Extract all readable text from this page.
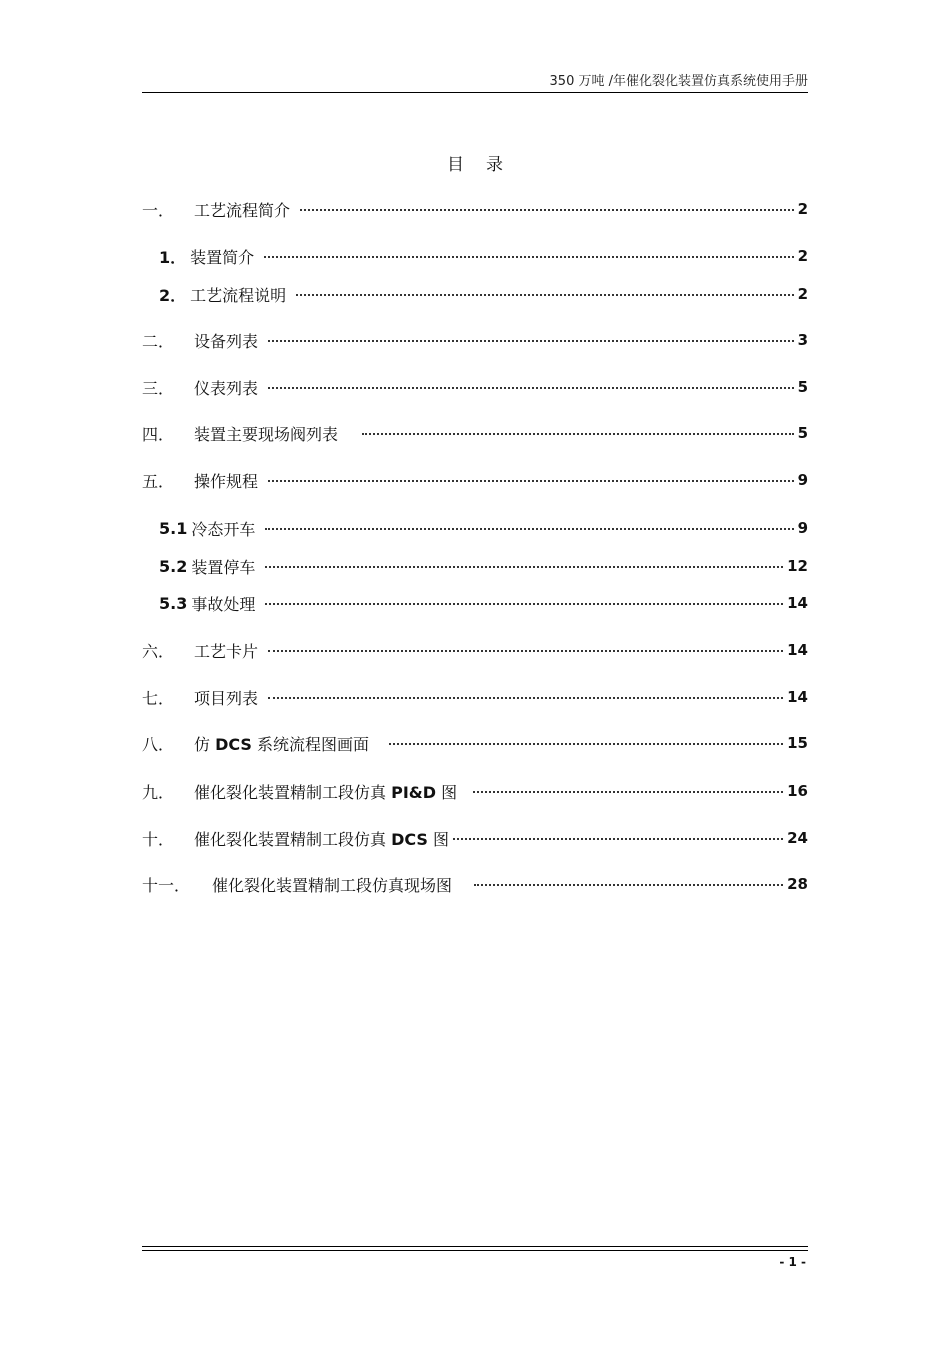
350 万吨 /年催化裂化装置仿真系统使用手册
目录
一．	工艺流程简介	2
1． 装置简介	2
2． 工艺流程说明	2
二．	设备列表	3
三．	仪表列表	5
四．	装置主要现场阀列表	5
五．	操作规程	9
5.1 冷态开车	9
5.2 装置停车	12
5.3 事故处理	14
六．	工艺卡片	14
七．	项目列表	14
八．	仿 DCS 系统流程图画面	15
九．	催化裂化装置精制工段仿真 PI&D 图	16
十．	催化裂化装置精制工段仿真 DCS 图	24
十一．	催化裂化装置精制工段仿真现场图	28
- 1 -
